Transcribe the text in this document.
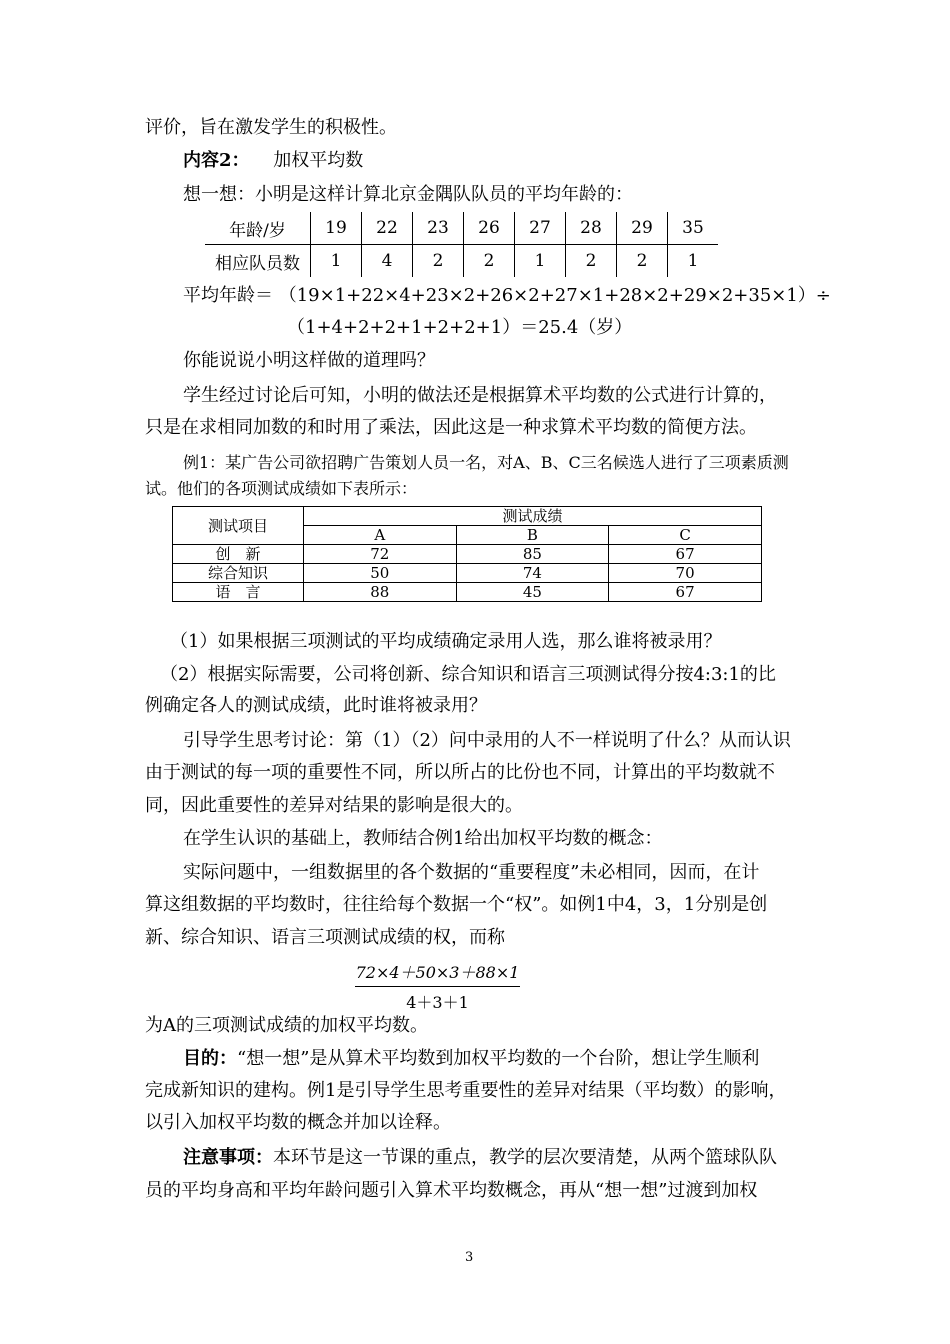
评价，旨在激发学生的积极性。
内容2： 加权平均数
想一想：小明是这样计算北京金隅队队员的平均年龄的：
年龄/岁	19	22	23	26	27	28	29	35
相应队员数	1	4	2	2	1	2	2	1
平均年龄＝ （19×1+22×4+23×2+26×2+27×1+28×2+29×2+35×1）÷
（1+4+2+2+1+2+2+1）＝25.4（岁）
你能说说小明这样做的道理吗？
学生经过讨论后可知，小明的做法还是根据算术平均数的公式进行计算的，
只是在求相同加数的和时用了乘法，因此这是一种求算术平均数的简便方法。
例1：某广告公司欲招聘广告策划人员一名，对A、B、C三名候选人进行了三项素质测
试。他们的各项测试成绩如下表所示：
测试项目	测试成绩		
	A	B	C
创　新	72	85	67
综合知识	50	74	70
语　言	88	45	67
（1）如果根据三项测试的平均成绩确定录用人选，那么谁将被录用？
（2）根据实际需要，公司将创新、综合知识和语言三项测试得分按4:3:1的比
例确定各人的测试成绩，此时谁将被录用？
引导学生思考讨论：第（1）（2）问中录用的人不一样说明了什么？从而认识
由于测试的每一项的重要性不同，所以所占的比份也不同，计算出的平均数就不
同，因此重要性的差异对结果的影响是很大的。
在学生认识的基础上，教师结合例1给出加权平均数的概念：
实际问题中，一组数据里的各个数据的“重要程度”未必相同，因而，在计
算这组数据的平均数时，往往给每个数据一个“权”。如例1中4，3，1分别是创
新、综合知识、语言三项测试成绩的权，而称
$\frac{72\times 4+50\times 3+88\times 1}{4+3+1}$
为A的三项测试成绩的加权平均数。
目的：“想一想”是从算术平均数到加权平均数的一个台阶，想让学生顺利
完成新知识的建构。例1是引导学生思考重要性的差异对结果（平均数）的影响，
以引入加权平均数的概念并加以诠释。
注意事项：本环节是这一节课的重点，教学的层次要清楚，从两个篮球队队
员的平均身高和平均年龄问题引入算术平均数概念，再从“想一想”过渡到加权
3
